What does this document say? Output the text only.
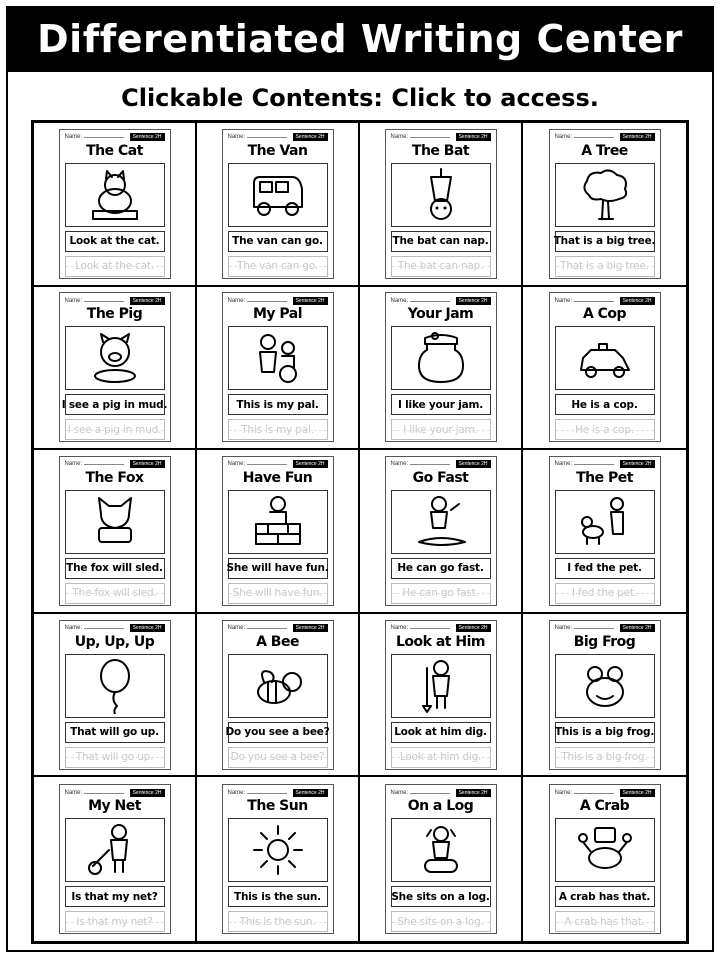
Differentiated Writing Center
Clickable Contents: Click to access.
Name:	Sentence 2H
The Cat
Look at the cat.
Look at the cat.
Name:	Sentence 2H
The Van
The van can go.
The van can go.
Name:	Sentence 2H
The Bat
The bat can nap.
The bat can nap.
Name:	Sentence 2H
A Tree
That is a big tree.
That is a big tree.
Name:	Sentence 2H
The Pig
I see a pig in mud.
I see a pig in mud.
Name:	Sentence 2H
My Pal
This is my pal.
This is my pal.
Name:	Sentence 2H
Your Jam
I like your jam.
I like your jam.
Name:	Sentence 2H
A Cop
He is a cop.
He is a cop.
Name:	Sentence 2H
The Fox
The fox will sled.
The fox will sled.
Name:	Sentence 2H
Have Fun
She will have fun.
She will have fun.
Name:	Sentence 2H
Go Fast
He can go fast.
He can go fast.
Name:	Sentence 2H
The Pet
I fed the pet.
I fed the pet.
Name:	Sentence 2H
Up, Up, Up
That will go up.
That will go up.
Name:	Sentence 2H
A Bee
Do you see a bee?
Do you see a bee?
Name:	Sentence 2H
Look at Him
Look at him dig.
Look at him dig.
Name:	Sentence 2H
Big Frog
This is a big frog.
This is a big frog.
Name:	Sentence 2H
My Net
Is that my net?
Is that my net?
Name:	Sentence 2H
The Sun
This is the sun.
This is the sun.
Name:	Sentence 2H
On a Log
She sits on a log.
She sits on a log.
Name:	Sentence 2H
A Crab
A crab has that.
A crab has that.
